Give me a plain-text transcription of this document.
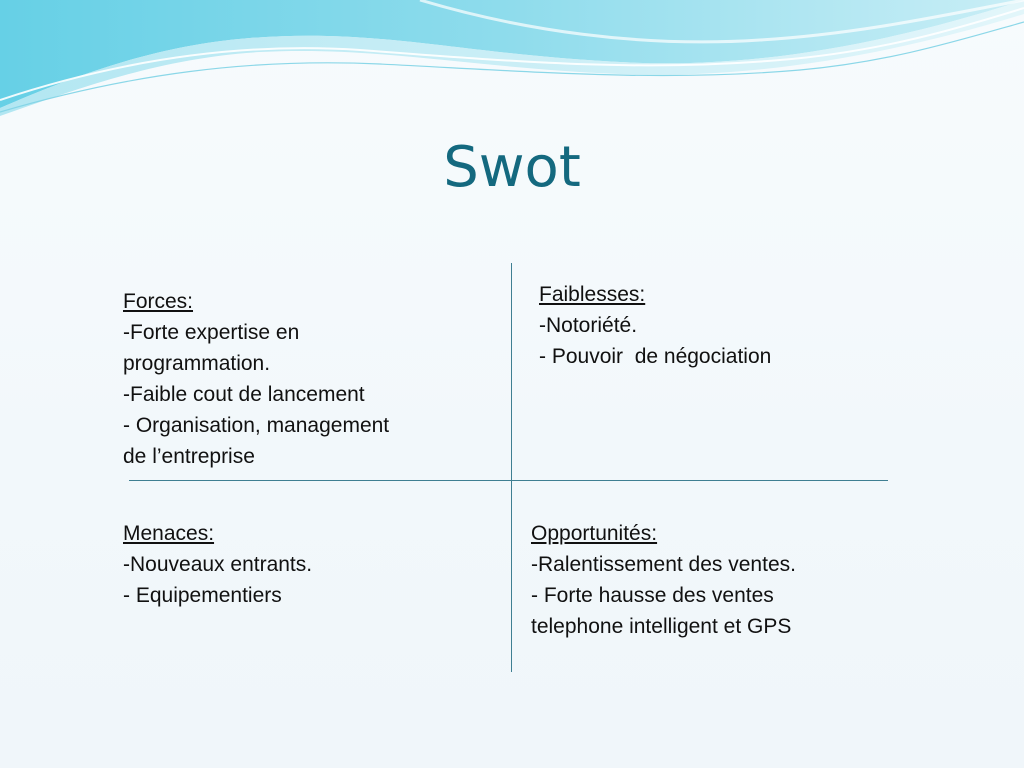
Swot
Forces:
-Forte expertise en
programmation.
-Faible cout de lancement
- Organisation, management
de l’entreprise
Faiblesses:
-Notoriété.
- Pouvoir  de négociation
Menaces:
-Nouveaux entrants.
- Equipementiers
Opportunités:
-Ralentissement des ventes.
- Forte hausse des ventes
telephone intelligent et GPS
